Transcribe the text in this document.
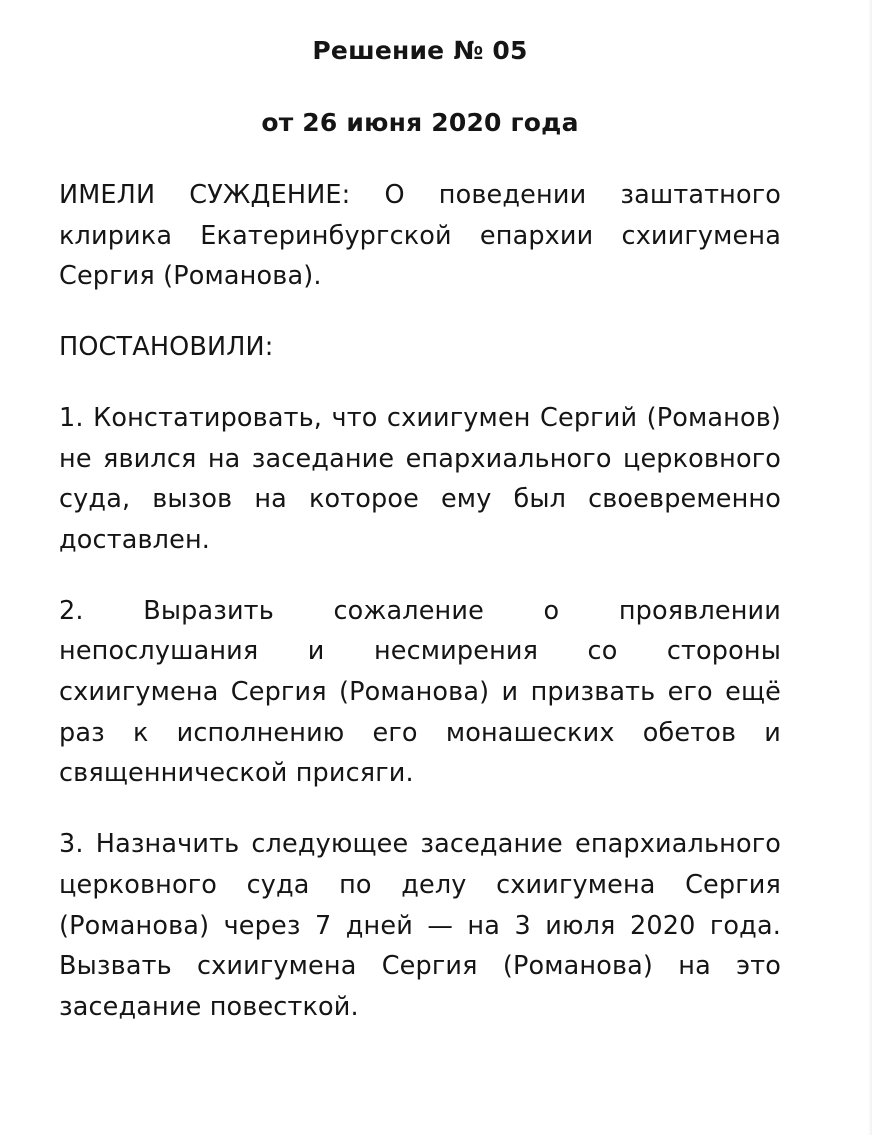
Решение № 05
от 26 июня 2020 года

ИМЕЛИ СУЖДЕНИЕ: О поведении заштатного клирика Екатеринбургской епархии схиигумена Сергия (Романова).

ПОСТАНОВИЛИ:

1. Констатировать, что схиигумен Сергий (Романов) не явился на заседание епархиального церковного суда, вызов на которое ему был своевременно доставлен.

2. Выразить сожаление о проявлении непослушания и несмирения со стороны схиигумена Сергия (Романова) и призвать его ещё раз к исполнению его монашеских обетов и священнической присяги.

3. Назначить следующее заседание епархиального церковного суда по делу схиигумена Сергия (Романова) через 7 дней — на 3 июля 2020 года. Вызвать схиигумена Сергия (Романова) на это заседание повесткой.
